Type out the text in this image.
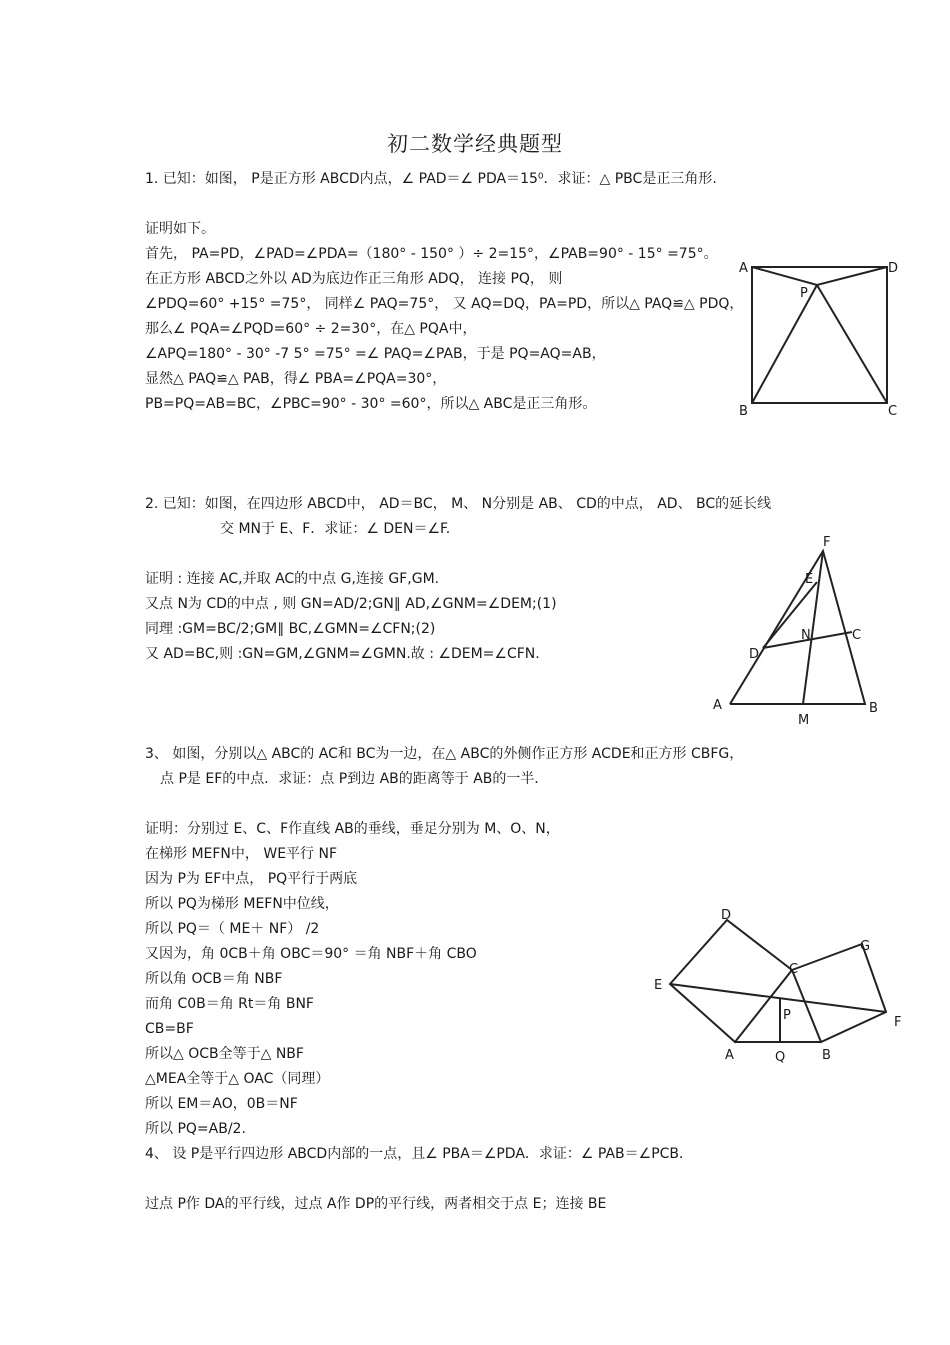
初二数学经典题型
1. 已知：如图， P是正方形 ABCD内点，∠ PAD＝∠ PDA＝15⁰．求证：△ PBC是正三角形.
证明如下。
首先， PA=PD，∠PAD=∠PDA=（180° - 150° ）÷ 2=15°，∠PAB=90° - 15° =75°。
在正方形 ABCD之外以 AD为底边作正三角形 ADQ， 连接 PQ， 则
∠PDQ=60° +15° =75°， 同样∠ PAQ=75°， 又 AQ=DQ，PA=PD，所以△ PAQ≌△ PDQ，
那么∠ PQA=∠PQD=60° ÷ 2=30°，在△ PQA中，
∠APQ=180° - 30° -7 5° =75° =∠ PAQ=∠PAB，于是 PQ=AQ=AB，
显然△ PAQ≌△ PAB，得∠ PBA=∠PQA=30°，
PB=PQ=AB=BC，∠PBC=90° - 30° =60°，所以△ ABC是正三角形。
A	D
P
B	C
2. 已知：如图，在四边形 ABCD中， AD＝BC， M、 N分别是 AB、 CD的中点， AD、 BC的延长线
交 MN于 E、F．求证：∠ DEN＝∠F.
证明 : 连接 AC,并取 AC的中点 G,连接 GF,GM.
又点 N为 CD的中点 , 则 GN=AD/2;GN∥ AD,∠GNM=∠DEM;(1)
同理 :GM=BC/2;GM∥ BC,∠GMN=∠CFN;(2)
又 AD=BC,则 :GN=GM,∠GNM=∠GMN.故 : ∠DEM=∠CFN.
F
E
N	C
D
A
M
B
3、 如图，分别以△ ABC的 AC和 BC为一边，在△ ABC的外侧作正方形 ACDE和正方形 CBFG，
点 P是 EF的中点．求证：点 P到边 AB的距离等于 AB的一半．
证明：分别过 E、C、F作直线 AB的垂线，垂足分别为 M、O、N，
在梯形 MEFN中， WE平行 NF
因为 P为 EF中点， PQ平行于两底
所以 PQ为梯形 MEFN中位线，
所以 PQ＝（ ME＋ NF） /2
又因为，角 0CB＋角 OBC＝90° ＝角 NBF＋角 CBO
所以角 OCB＝角 NBF
而角 C0B＝角 Rt＝角 BNF
CB=BF
所以△ OCB全等于△ NBF
△MEA全等于△ OAC（同理）
所以 EM＝AO，0B＝NF
所以 PQ=AB/2.
D
G
C
E
P	F
A	Q	B
4、 设 P是平行四边形 ABCD内部的一点，且∠ PBA＝∠PDA．求证：∠ PAB＝∠PCB．
过点 P作 DA的平行线，过点 A作 DP的平行线，两者相交于点 E；连接 BE
